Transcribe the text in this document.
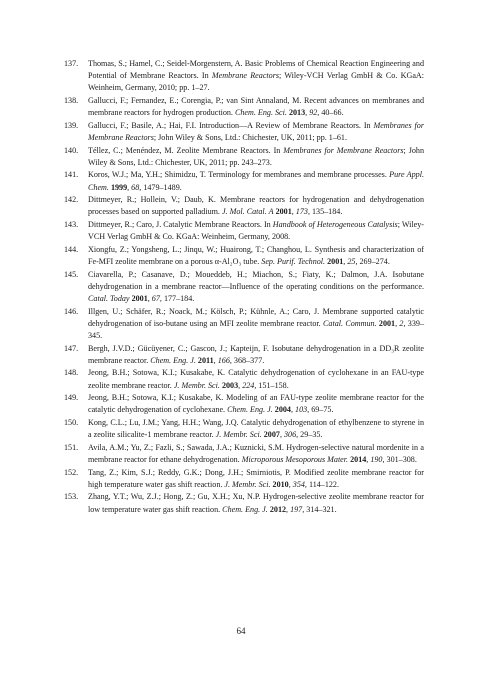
137. Thomas, S.; Hamel, C.; Seidel-Morgenstern, A. Basic Problems of Chemical Reaction Engineering and Potential of Membrane Reactors. In Membrane Reactors; Wiley-VCH Verlag GmbH & Co. KGaA: Weinheim, Germany, 2010; pp. 1–27.
138. Gallucci, F.; Fernandez, E.; Corengia, P.; van Sint Annaland, M. Recent advances on membranes and membrane reactors for hydrogen production. Chem. Eng. Sci. 2013, 92, 40–66.
139. Gallucci, F.; Basile, A.; Hai, F.I. Introduction—A Review of Membrane Reactors. In Membranes for Membrane Reactors; John Wiley & Sons, Ltd.: Chichester, UK, 2011; pp. 1–61.
140. Téllez, C.; Menéndez, M. Zeolite Membrane Reactors. In Membranes for Membrane Reactors; John Wiley & Sons, Ltd.: Chichester, UK, 2011; pp. 243–273.
141. Koros, W.J.; Ma, Y.H.; Shimidzu, T. Terminology for membranes and membrane processes. Pure Appl. Chem. 1999, 68, 1479–1489.
142. Dittmeyer, R.; Hollein, V.; Daub, K. Membrane reactors for hydrogenation and dehydrogenation processes based on supported palladium. J. Mol. Catal. A 2001, 173, 135–184.
143. Dittmeyer, R.; Caro, J. Catalytic Membrane Reactors. In Handbook of Heterogeneous Catalysis; Wiley-VCH Verlag GmbH & Co. KGaA: Weinheim, Germany, 2008.
144. Xiongfu, Z.; Yongsheng, L.; Jinqu, W.; Huairong, T.; Changhou, L. Synthesis and characterization of Fe-MFI zeolite membrane on a porous α-Al₂O₃ tube. Sep. Purif. Technol. 2001, 25, 269–274.
145. Ciavarella, P.; Casanave, D.; Moueddeb, H.; Miachon, S.; Fiaty, K.; Dalmon, J.A. Isobutane dehydrogenation in a membrane reactor—Influence of the operating conditions on the performance. Catal. Today 2001, 67, 177–184.
146. Illgen, U.; Schäfer, R.; Noack, M.; Kölsch, P.; Kühnle, A.; Caro, J. Membrane supported catalytic dehydrogenation of iso-butane using an MFI zeolite membrane reactor. Catal. Commun. 2001, 2, 339–345.
147. Bergh, J.V.D.; Gücüyener, C.; Gascon, J.; Kapteijn, F. Isobutane dehydrogenation in a DD₃R zeolite membrane reactor. Chem. Eng. J. 2011, 166, 368–377.
148. Jeong, B.H.; Sotowa, K.I.; Kusakabe, K. Catalytic dehydrogenation of cyclohexane in an FAU-type zeolite membrane reactor. J. Membr. Sci. 2003, 224, 151–158.
149. Jeong, B.H.; Sotowa, K.I.; Kusakabe, K. Modeling of an FAU-type zeolite membrane reactor for the catalytic dehydrogenation of cyclohexane. Chem. Eng. J. 2004, 103, 69–75.
150. Kong, C.L.; Lu, J.M.; Yang, H.H.; Wang, J.Q. Catalytic dehydrogenation of ethylbenzene to styrene in a zeolite silicalite-1 membrane reactor. J. Membr. Sci. 2007, 306, 29–35.
151. Avila, A.M.; Yu, Z.; Fazli, S.; Sawada, J.A.; Kuznicki, S.M. Hydrogen-selective natural mordenite in a membrane reactor for ethane dehydrogenation. Microporous Mesoporous Mater. 2014, 190, 301–308.
152. Tang, Z.; Kim, S.J.; Reddy, G.K.; Dong, J.H.; Smirniotis, P. Modified zeolite membrane reactor for high temperature water gas shift reaction. J. Membr. Sci. 2010, 354, 114–122.
153. Zhang, Y.T.; Wu, Z.J.; Hong, Z.; Gu, X.H.; Xu, N.P. Hydrogen-selective zeolite membrane reactor for low temperature water gas shift reaction. Chem. Eng. J. 2012, 197, 314–321.
64
